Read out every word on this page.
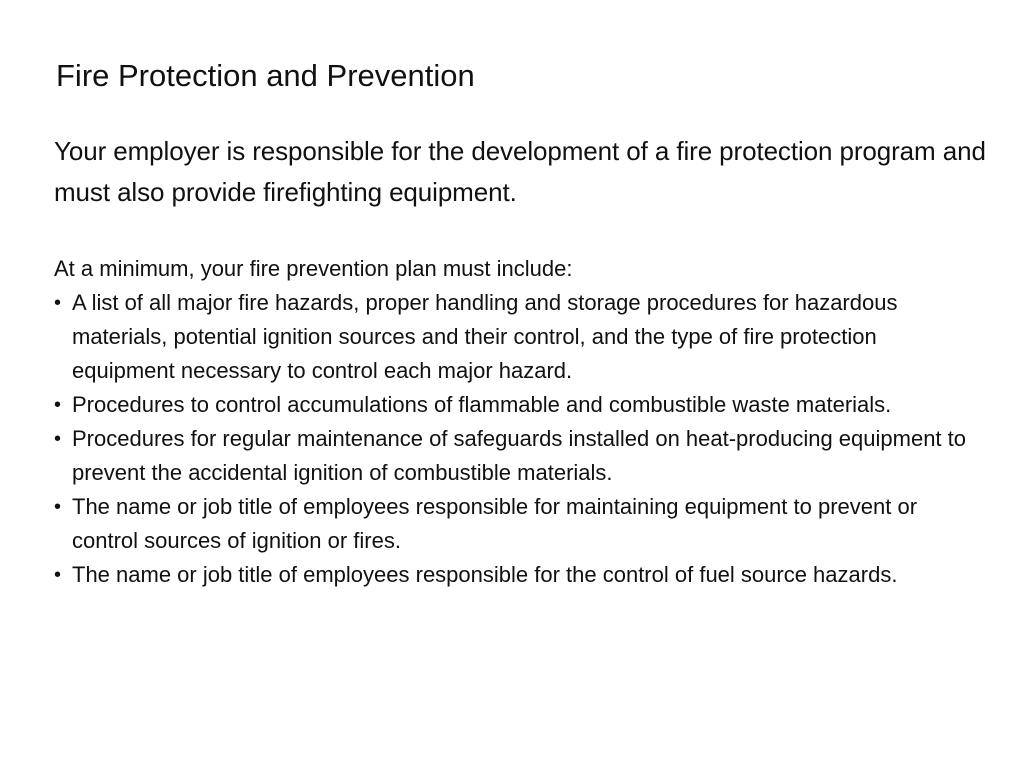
Fire Protection and Prevention
Your employer is responsible for the development of a fire protection program and must also provide firefighting equipment.

At a minimum, your fire prevention plan must include:

• A list of all major fire hazards, proper handling and storage procedures for hazardous materials, potential ignition sources and their control, and the type of fire protection equipment necessary to control each major hazard.
• Procedures to control accumulations of flammable and combustible waste materials.
• Procedures for regular maintenance of safeguards installed on heat-producing equipment to prevent the accidental ignition of combustible materials.
• The name or job title of employees responsible for maintaining equipment to prevent or control sources of ignition or fires.
• The name or job title of employees responsible for the control of fuel source hazards.
